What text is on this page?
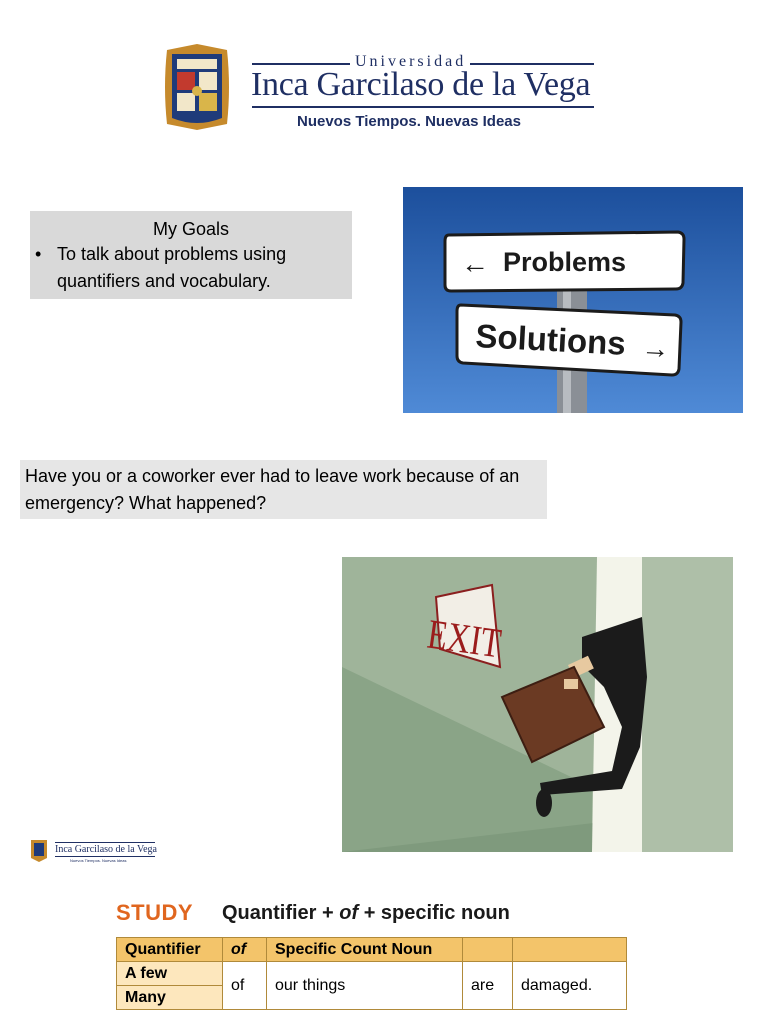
Universidad
Inca Garcilaso de la Vega
Nuevos Tiempos. Nuevas Ideas
My Goals
• To talk about problems using quantifiers and vocabulary.
← Problems
Solutions →
Have you or a coworker ever had to leave work because of an emergency? What happened?
EXIT
Inca Garcilaso de la Vega
Nuevos Tiempos. Nuevas Ideas
STUDY Quantifier + of + specific noun
Quantifier	of	Specific Count Noun		
A few	of	our things	are	damaged.
Many				
